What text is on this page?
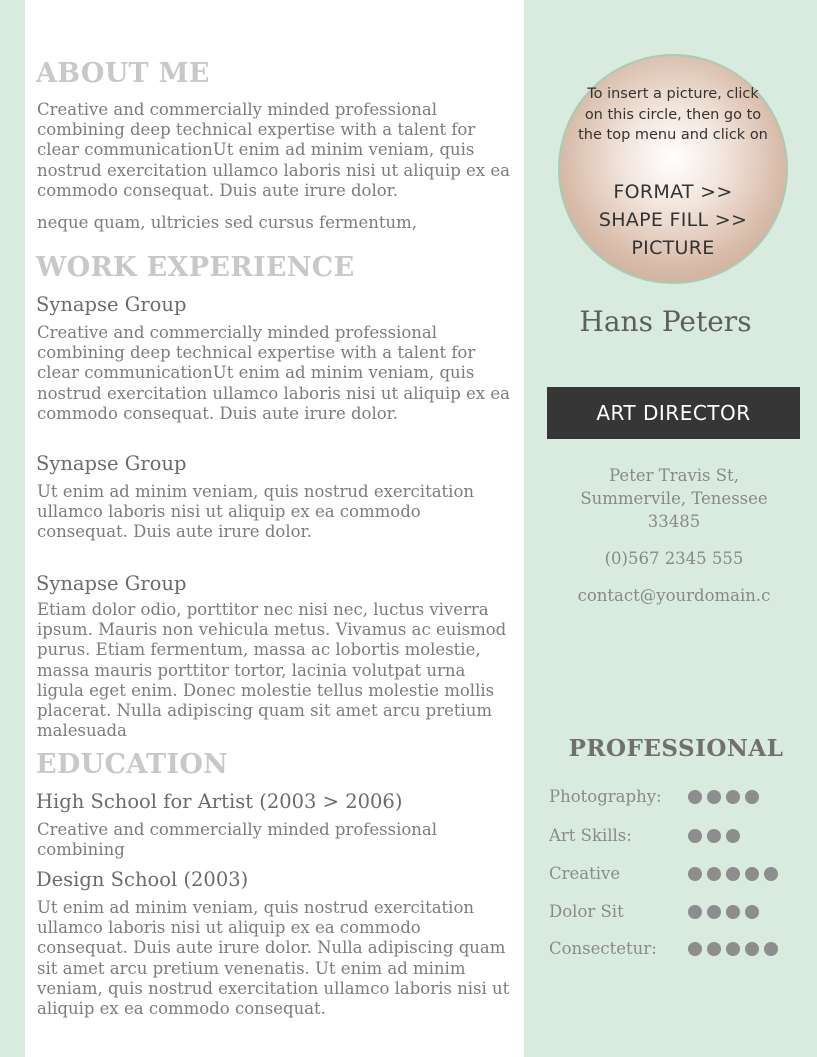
ABOUT ME
Creative and commercially minded professional combining deep technical expertise with a talent for clear communicationUt enim ad minim veniam, quis nostrud exercitation ullamco laboris nisi ut aliquip ex ea commodo consequat. Duis aute irure dolor.
neque quam, ultricies sed cursus fermentum,
WORK EXPERIENCE
Synapse Group
Creative and commercially minded professional combining deep technical expertise with a talent for clear communicationUt enim ad minim veniam, quis nostrud exercitation ullamco laboris nisi ut aliquip ex ea commodo consequat. Duis aute irure dolor.
Synapse Group
Ut enim ad minim veniam, quis nostrud exercitation ullamco laboris nisi ut aliquip ex ea commodo consequat. Duis aute irure dolor.
Synapse Group
Etiam dolor odio, porttitor nec nisi nec, luctus viverra ipsum. Mauris non vehicula metus. Vivamus ac euismod purus. Etiam fermentum, massa ac lobortis molestie, massa mauris porttitor tortor, lacinia volutpat urna ligula eget enim. Donec molestie tellus molestie mollis placerat. Nulla adipiscing quam sit amet arcu pretium malesuada
EDUCATION
High School for Artist (2003 > 2006)
Creative and commercially minded professional combining
Design School (2003)
Ut enim ad minim veniam, quis nostrud exercitation ullamco laboris nisi ut aliquip ex ea commodo consequat. Duis aute irure dolor. Nulla adipiscing quam sit amet arcu pretium venenatis. Ut enim ad minim veniam, quis nostrud exercitation ullamco laboris nisi ut aliquip ex ea commodo consequat.
To insert a picture, click on this circle, then go to the top menu and click on
FORMAT >>
SHAPE FILL >>
PICTURE
Hans Peters
ART DIRECTOR
Peter Travis St,
Summervile, Tenessee
33485
(0)567 2345 555
contact@yourdomain.c
PROFESSIONAL
Photography:
Art Skills:
Creative
Dolor Sit
Consectetur:
